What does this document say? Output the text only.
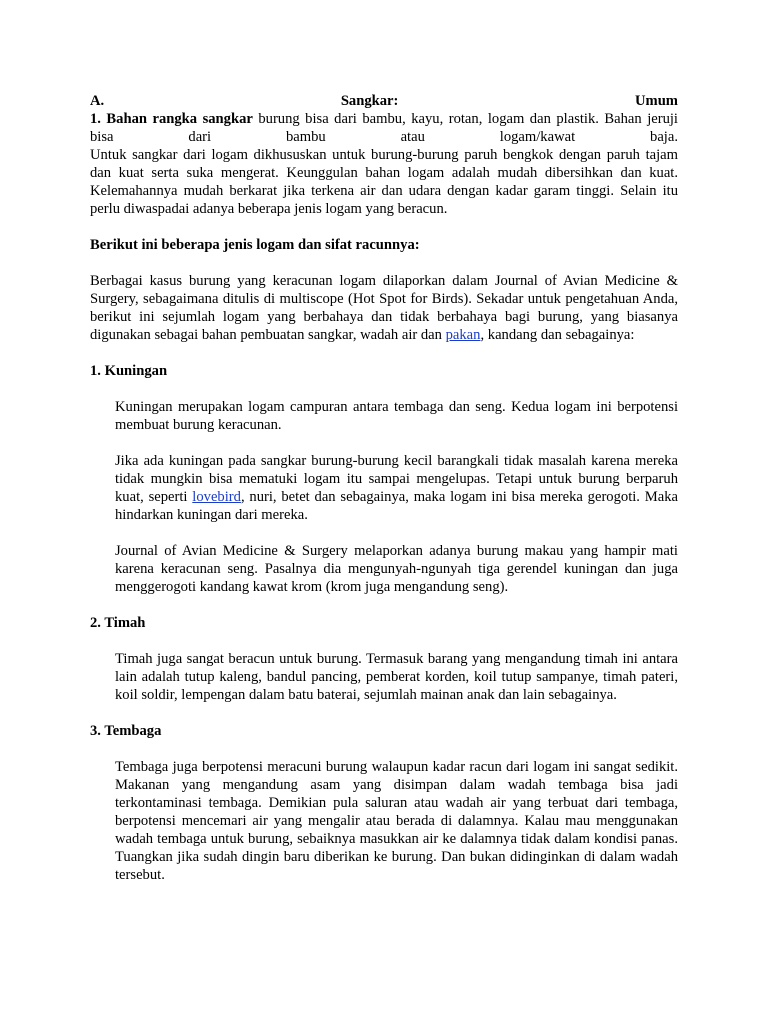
A.	Sangkar:	Umum

1. Bahan rangka sangkar burung bisa dari bambu, kayu, rotan, logam dan plastik. Bahan jeruji

bisa dari bambu atau logam/kawat baja.

Untuk sangkar dari logam dikhususkan untuk burung-burung paruh bengkok dengan paruh tajam dan kuat serta suka mengerat. Keunggulan bahan logam adalah mudah dibersihkan dan kuat. Kelemahannya mudah berkarat jika terkena air dan udara dengan kadar garam tinggi. Selain itu perlu diwaspadai adanya beberapa jenis logam yang beracun.

Berikut ini beberapa jenis logam dan sifat racunnya:

Berbagai kasus burung yang keracunan logam dilaporkan dalam Journal of Avian Medicine & Surgery, sebagaimana ditulis di multiscope (Hot Spot for Birds). Sekadar untuk pengetahuan Anda, berikut ini sejumlah logam yang berbahaya dan tidak berbahaya bagi burung, yang biasanya digunakan sebagai bahan pembuatan sangkar, wadah air dan pakan, kandang dan sebagainya:

1. Kuningan

Kuningan merupakan logam campuran antara tembaga dan seng. Kedua logam ini berpotensi membuat burung keracunan.

Jika ada kuningan pada sangkar burung-burung kecil barangkali tidak masalah karena mereka tidak mungkin bisa mematuki logam itu sampai mengelupas. Tetapi untuk burung berparuh kuat, seperti lovebird, nuri, betet dan sebagainya, maka logam ini bisa mereka gerogoti. Maka hindarkan kuningan dari mereka.

Journal of Avian Medicine & Surgery melaporkan adanya burung makau yang hampir mati karena keracunan seng. Pasalnya dia mengunyah-ngunyah tiga gerendel kuningan dan juga menggerogoti kandang kawat krom (krom juga mengandung seng).

2. Timah

Timah juga sangat beracun untuk burung. Termasuk barang yang mengandung timah ini antara lain adalah tutup kaleng, bandul pancing, pemberat korden, koil tutup sampanye, timah pateri, koil soldir, lempengan dalam batu baterai, sejumlah mainan anak dan lain sebagainya.

3. Tembaga

Tembaga juga berpotensi meracuni burung walaupun kadar racun dari logam ini sangat sedikit. Makanan yang mengandung asam yang disimpan dalam wadah tembaga bisa jadi terkontaminasi tembaga. Demikian pula saluran atau wadah air yang terbuat dari tembaga, berpotensi mencemari air yang mengalir atau berada di dalamnya. Kalau mau menggunakan wadah tembaga untuk burung, sebaiknya masukkan air ke dalamnya tidak dalam kondisi panas. Tuangkan jika sudah dingin baru diberikan ke burung. Dan bukan didinginkan di dalam wadah tersebut.
